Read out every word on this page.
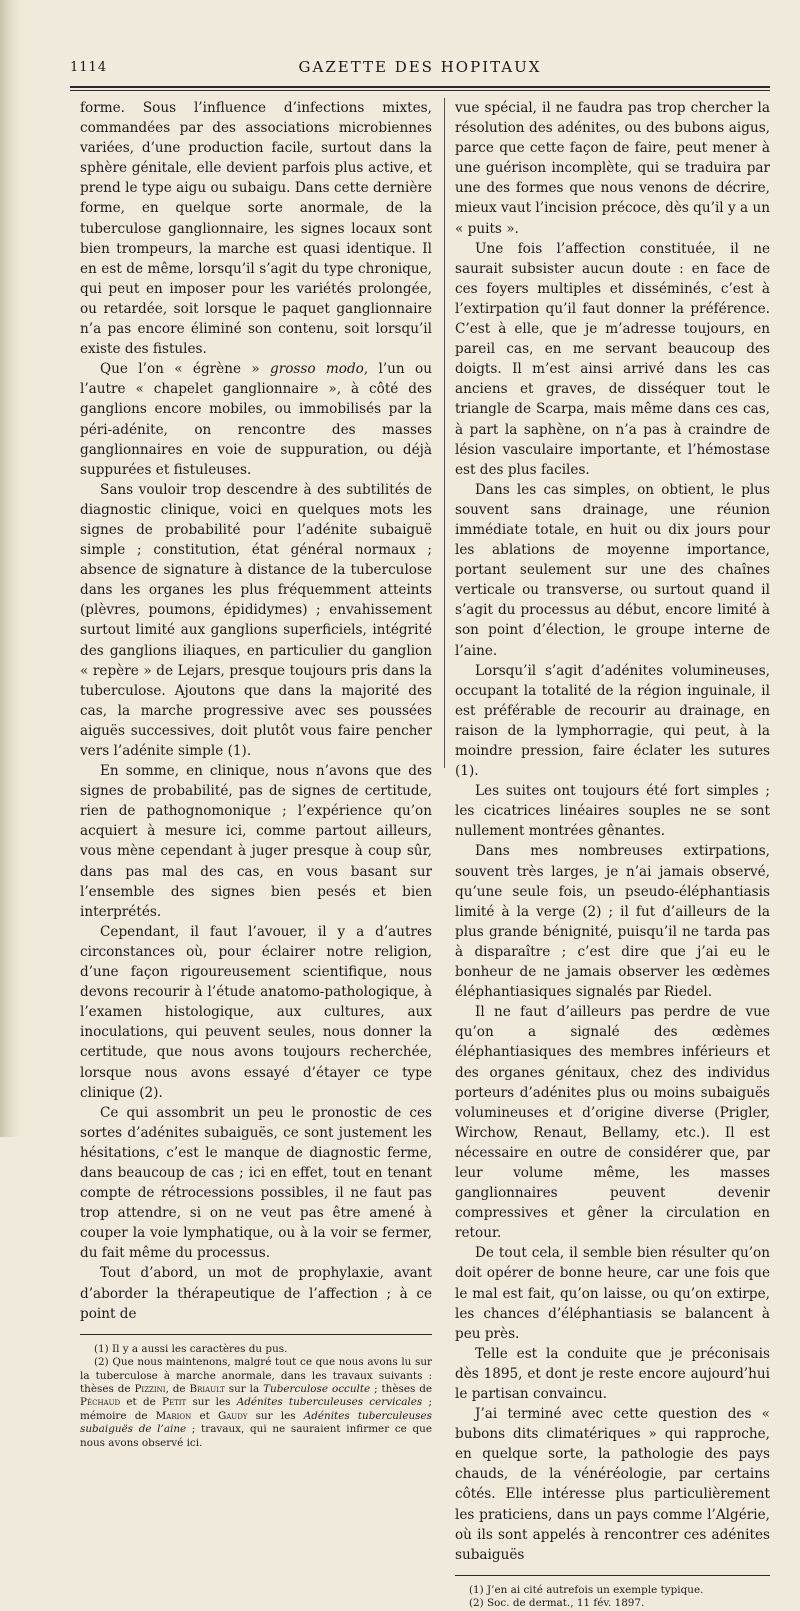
1114	GAZETTE DES HOPITAUX

forme. Sous l’influence d’infections mixtes, commandées par des associations microbiennes variées, d’une production facile, surtout dans la sphère génitale, elle devient parfois plus active, et prend le type aigu ou subaigu. Dans cette dernière forme, en quelque sorte anormale, de la tuberculose ganglionnaire, les signes locaux sont bien trompeurs, la marche est quasi identique. Il en est de même, lorsqu’il s’agit du type chronique, qui peut en imposer pour les variétés prolongée, ou retardée, soit lorsque le paquet ganglionnaire n’a pas encore éliminé son contenu, soit lorsqu’il existe des fistules.

Que l’on « égrène » grosso modo, l’un ou l’autre « chapelet ganglionnaire », à côté des ganglions encore mobiles, ou immobilisés par la péri-adénite, on rencontre des masses ganglionnaires en voie de suppuration, ou déjà suppurées et fistuleuses.

Sans vouloir trop descendre à des subtilités de diagnostic clinique, voici en quelques mots les signes de probabilité pour l’adénite subaiguë simple ; constitution, état général normaux ; absence de signature à distance de la tuberculose dans les organes les plus fréquemment atteints (plèvres, poumons, épididymes) ; envahissement surtout limité aux ganglions superficiels, intégrité des ganglions iliaques, en particulier du ganglion « repère » de Lejars, presque toujours pris dans la tuberculose. Ajoutons que dans la majorité des cas, la marche progressive avec ses poussées aiguës successives, doit plutôt vous faire pencher vers l’adénite simple (1).

En somme, en clinique, nous n’avons que des signes de probabilité, pas de signes de certitude, rien de pathognomonique ; l’expérience qu’on acquiert à mesure ici, comme partout ailleurs, vous mène cependant à juger presque à coup sûr, dans pas mal des cas, en vous basant sur l’ensemble des signes bien pesés et bien interprétés.

Cependant, il faut l’avouer, il y a d’autres circonstances où, pour éclairer notre religion, d’une façon rigoureusement scientifique, nous devons recourir à l’étude anatomo-pathologique, à l’examen histologique, aux cultures, aux inoculations, qui peuvent seules, nous donner la certitude, que nous avons toujours recherchée, lorsque nous avons essayé d’étayer ce type clinique (2).

Ce qui assombrit un peu le pronostic de ces sortes d’adénites subaiguës, ce sont justement les hésitations, c’est le manque de diagnostic ferme, dans beaucoup de cas ; ici en effet, tout en tenant compte de rétrocessions possibles, il ne faut pas trop attendre, si on ne veut pas être amené à couper la voie lymphatique, ou à la voir se fermer, du fait même du processus.

Tout d’abord, un mot de prophylaxie, avant d’aborder la thérapeutique de l’affection ; à ce point de

(1) Il y a aussi les caractères du pus.

(2) Que nous maintenons, malgré tout ce que nous avons lu sur la tuberculose à marche anormale, dans les travaux suivants : thèses de Pizzini, de Briault sur la Tuberculose occulte ; thèses de Péchaud et de Petit sur les Adénites tuberculeuses cervicales ; mémoire de Marion et Gaudy sur les Adénites tuberculeuses subaiguës de l’aine ; travaux, qui ne sauraient infirmer ce que nous avons observé ici.

vue spécial, il ne faudra pas trop chercher la résolution des adénites, ou des bubons aigus, parce que cette façon de faire, peut mener à une guérison incomplète, qui se traduira par une des formes que nous venons de décrire, mieux vaut l’incision précoce, dès qu’il y a un « puits ».

Une fois l’affection constituée, il ne saurait subsister aucun doute : en face de ces foyers multiples et disséminés, c’est à l’extirpation qu’il faut donner la préférence. C’est à elle, que je m’adresse toujours, en pareil cas, en me servant beaucoup des doigts. Il m’est ainsi arrivé dans les cas anciens et graves, de disséquer tout le triangle de Scarpa, mais même dans ces cas, à part la saphène, on n’a pas à craindre de lésion vasculaire importante, et l’hémostase est des plus faciles.

Dans les cas simples, on obtient, le plus souvent sans drainage, une réunion immédiate totale, en huit ou dix jours pour les ablations de moyenne importance, portant seulement sur une des chaînes verticale ou transverse, ou surtout quand il s’agit du processus au début, encore limité à son point d’élection, le groupe interne de l’aine.

Lorsqu’il s’agit d’adénites volumineuses, occupant la totalité de la région inguinale, il est préférable de recourir au drainage, en raison de la lymphorragie, qui peut, à la moindre pression, faire éclater les sutures (1).

Les suites ont toujours été fort simples ; les cicatrices linéaires souples ne se sont nullement montrées gênantes.

Dans mes nombreuses extirpations, souvent très larges, je n’ai jamais observé, qu’une seule fois, un pseudo-éléphantiasis limité à la verge (2) ; il fut d’ailleurs de la plus grande bénignité, puisqu’il ne tarda pas à disparaître ; c’est dire que j’ai eu le bonheur de ne jamais observer les œdèmes éléphantiasiques signalés par Riedel.

Il ne faut d’ailleurs pas perdre de vue qu’on a signalé des œdèmes éléphantiasiques des membres inférieurs et des organes génitaux, chez des individus porteurs d’adénites plus ou moins subaiguës volumineuses et d’origine diverse (Prigler, Wirchow, Renaut, Bellamy, etc.). Il est nécessaire en outre de considérer que, par leur volume même, les masses ganglionnaires peuvent devenir compressives et gêner la circulation en retour.

De tout cela, il semble bien résulter qu’on doit opérer de bonne heure, car une fois que le mal est fait, qu’on laisse, ou qu’on extirpe, les chances d’éléphantiasis se balancent à peu près.

Telle est la conduite que je préconisais dès 1895, et dont je reste encore aujourd’hui le partisan convaincu.

J’ai terminé avec cette question des « bubons dits climatériques » qui rapproche, en quelque sorte, la pathologie des pays chauds, de la vénéréologie, par certains côtés. Elle intéresse plus particulièrement les praticiens, dans un pays comme l’Algérie, où ils sont appelés à rencontrer ces adénites subaiguës

(1) J’en ai cité autrefois un exemple typique.

(2) Soc. de dermat., 11 fév. 1897.
